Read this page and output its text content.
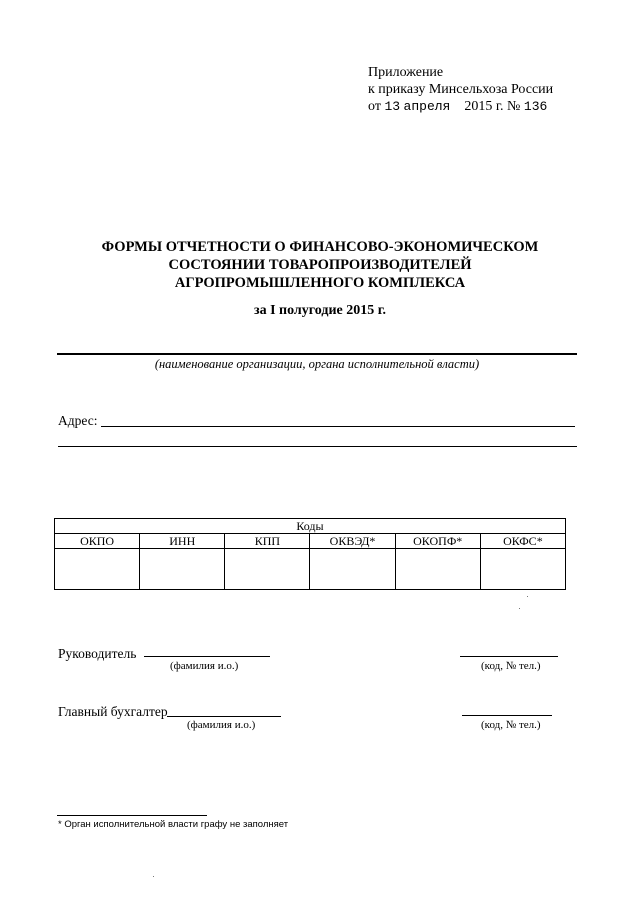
Приложение
к приказу Минсельхоза России
от 13 апреля 2015 г. № 136
ФОРМЫ ОТЧЕТНОСТИ О ФИНАНСОВО-ЭКОНОМИЧЕСКОМ
СОСТОЯНИИ ТОВАРОПРОИЗВОДИТЕЛЕЙ
АГРОПРОМЫШЛЕННОГО КОМПЛЕКСА
за I полугодие 2015 г.
(наименование организации, органа исполнительной власти)
Адрес:
Коды					
ОКПО	ИНН	КПП	ОКВЭД*	ОКОПФ*	ОКФС*

Руководитель
(фамилия и.о.)	(код, № тел.)
Главный бухгалтер
(фамилия и.о.)	(код, № тел.)
* Орган исполнительной власти графу не заполняет
